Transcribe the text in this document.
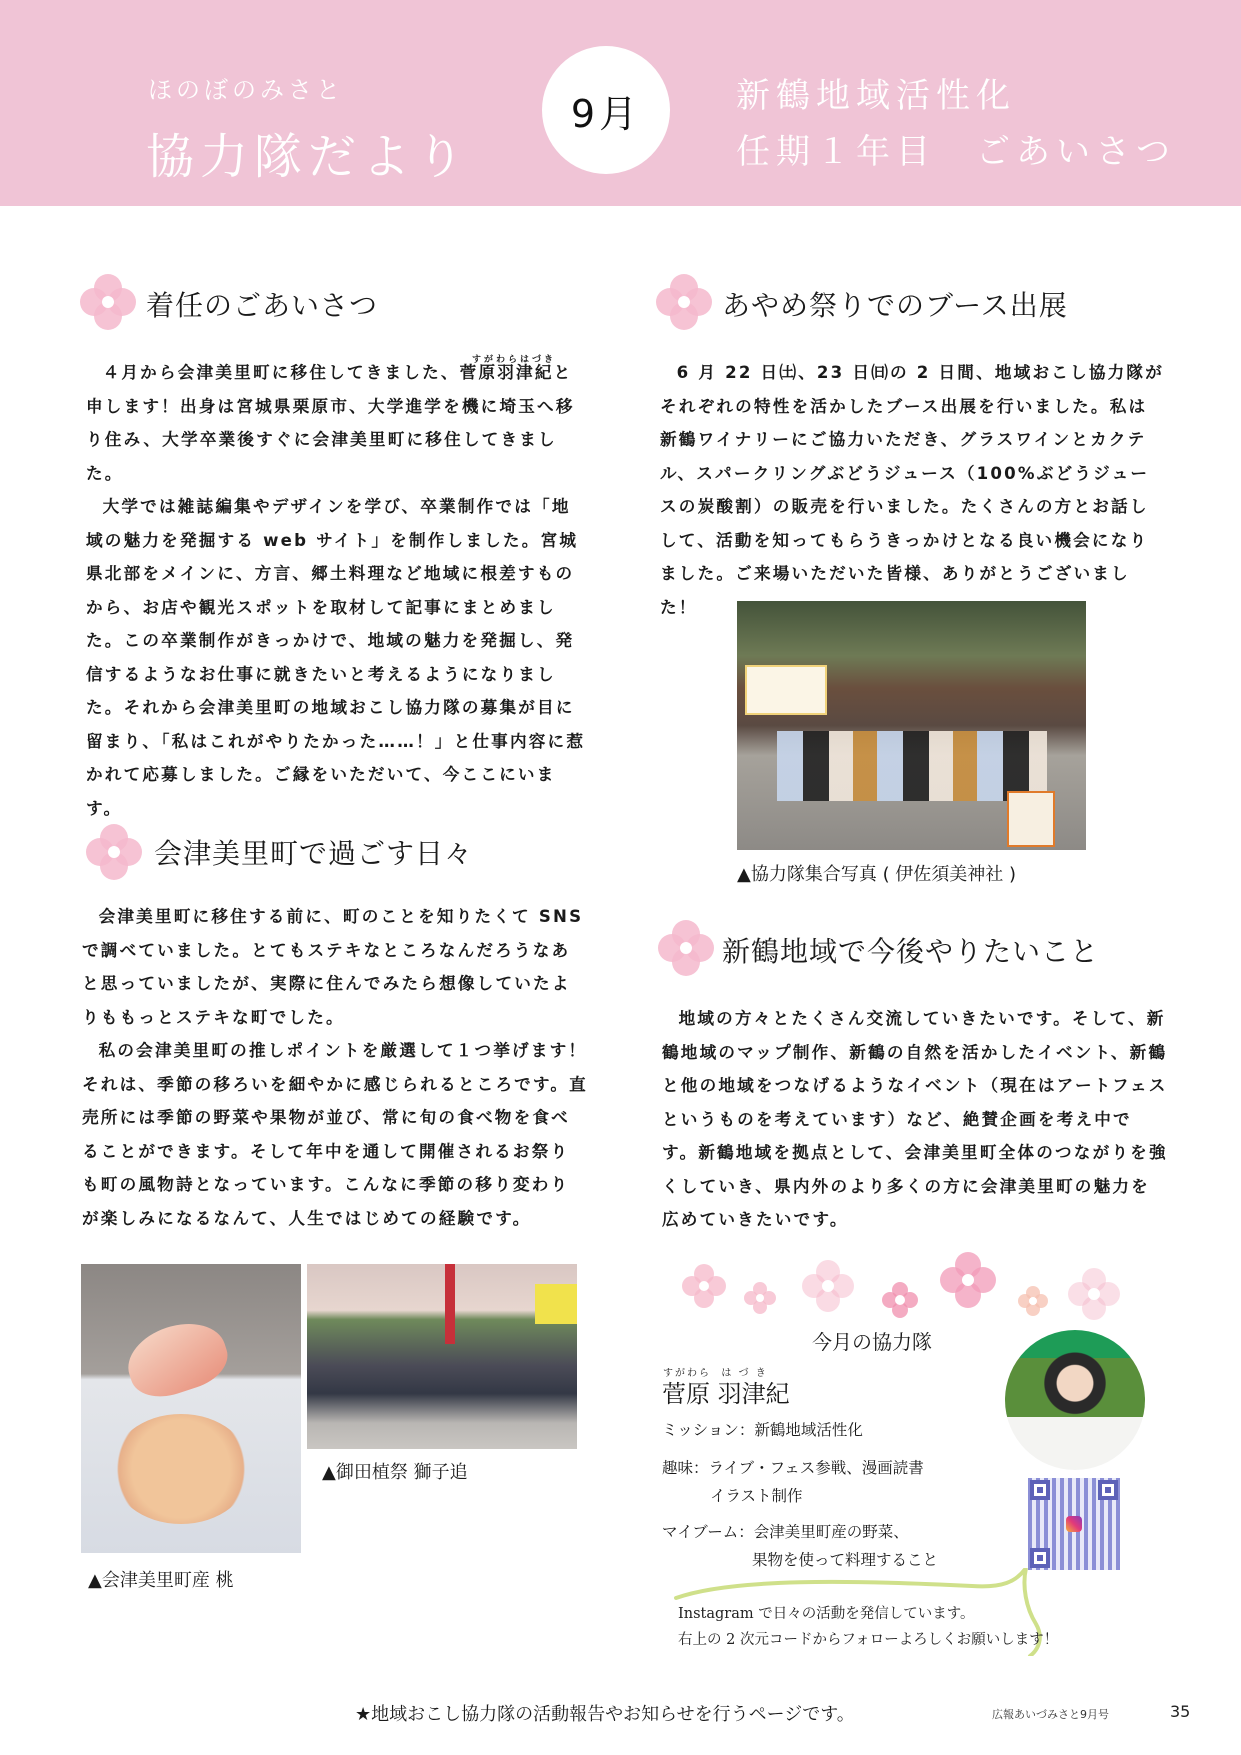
ほのぼのみさと
協力隊だより
9月	新鶴地域活性化
任期１年目　ごあいさつ
着任のごあいさつ
すがわらはづき

４月から会津美里町に移住してきました、菅原羽津紀と申します！出身は宮城県栗原市、大学進学を機に埼玉へ移り住み、大学卒業後すぐに会津美里町に移住してきました。

大学では雑誌編集やデザインを学び、卒業制作では「地域の魅力を発掘する web サイト」を制作しました。宮城県北部をメインに、方言、郷土料理など地域に根差すものから、お店や観光スポットを取材して記事にまとめました。この卒業制作がきっかけで、地域の魅力を発掘し、発信するようなお仕事に就きたいと考えるようになりました。それから会津美里町の地域おこし協力隊の募集が目に留まり、「私はこれがやりたかった……！」と仕事内容に惹かれて応募しました。ご縁をいただいて、今ここにいます。

会津美里町で過ごす日々

会津美里町に移住する前に、町のことを知りたくて SNS で調べていました。とてもステキなところなんだろうなあと思っていましたが、実際に住んでみたら想像していたよりももっとステキな町でした。

私の会津美里町の推しポイントを厳選して１つ挙げます！それは、季節の移ろいを細やかに感じられるところです。直売所には季節の野菜や果物が並び、常に旬の食べ物を食べることができます。そして年中を通して開催されるお祭りも町の風物詩となっています。こんなに季節の移り変わりが楽しみになるなんて、人生ではじめての経験です。

▲会津美里町産 桃
▲御田植祭 獅子追
あやめ祭りでのブース出展

6 月 22 日㈯、23 日㈰の 2 日間、地域おこし協力隊がそれぞれの特性を活かしたブース出展を行いました。私は新鶴ワイナリーにご協力いただき、グラスワインとカクテル、スパークリングぶどうジュース（100%ぶどうジュースの炭酸割）の販売を行いました。たくさんの方とお話しして、活動を知ってもらうきっかけとなる良い機会になりました。ご来場いただいた皆様、ありがとうございました！

▲協力隊集合写真 ( 伊佐須美神社 )
新鶴地域で今後やりたいこと

地域の方々とたくさん交流していきたいです。そして、新鶴地域のマップ制作、新鶴の自然を活かしたイベント、新鶴と他の地域をつなげるようなイベント（現在はアートフェスというものを考えています）など、絶賛企画を考え中です。新鶴地域を拠点として、会津美里町全体のつながりを強くしていき、県内外のより多くの方に会津美里町の魅力を広めていきたいです。

今月の協力隊
すがわら  は づ き
菅原 羽津紀
ミッション：新鶴地域活性化
趣味：ライブ・フェス参戦、漫画読書
イラスト制作
マイブーム：会津美里町産の野菜、
果物を使って料理すること
Instagram で日々の活動を発信しています。
右上の 2 次元コードからフォローよろしくお願いします！
★地域おこし協力隊の活動報告やお知らせを行うページです。	広報あいづみさと9月号	35
